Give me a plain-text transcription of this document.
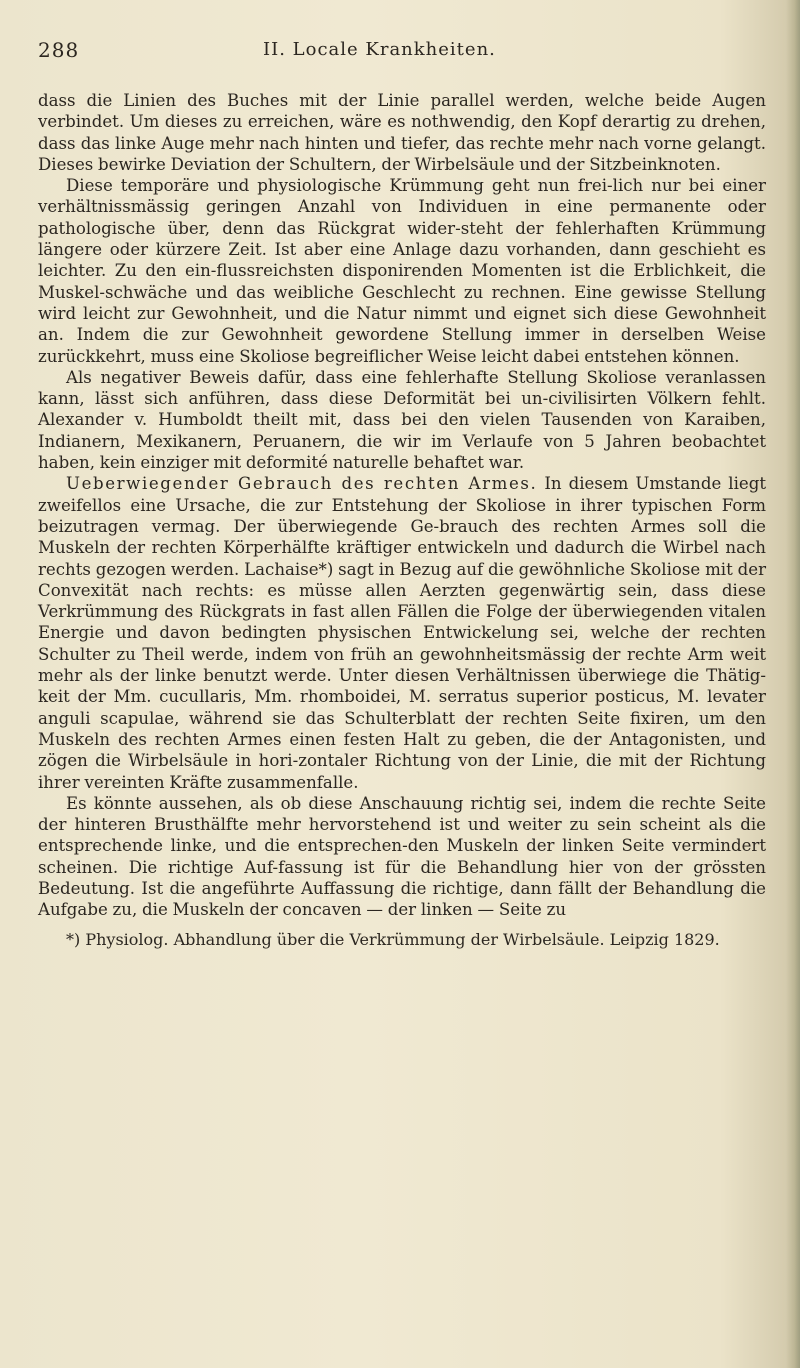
288	II. Locale Krankheiten.

dass die Linien des Buches mit der Linie parallel werden, welche beide Augen verbindet. Um dieses zu erreichen, wäre es nothwendig, den Kopf derartig zu drehen, dass das linke Auge mehr nach hinten und tiefer, das rechte mehr nach vorne gelangt. Dieses bewirke Deviation der Schultern, der Wirbelsäule und der Sitzbeinknoten.

Diese temporäre und physiologische Krümmung geht nun frei-lich nur bei einer verhältnissmässig geringen Anzahl von Individuen in eine permanente oder pathologische über, denn das Rückgrat wider-steht der fehlerhaften Krümmung längere oder kürzere Zeit. Ist aber eine Anlage dazu vorhanden, dann geschieht es leichter. Zu den ein-flussreichsten disponirenden Momenten ist die Erblichkeit, die Muskel-schwäche und das weibliche Geschlecht zu rechnen. Eine gewisse Stellung wird leicht zur Gewohnheit, und die Natur nimmt und eignet sich diese Gewohnheit an. Indem die zur Gewohnheit gewordene Stellung immer in derselben Weise zurückkehrt, muss eine Skoliose begreiflicher Weise leicht dabei entstehen können.

Als negativer Beweis dafür, dass eine fehlerhafte Stellung Skoliose veranlassen kann, lässt sich anführen, dass diese Deformität bei un-civilisirten Völkern fehlt. Alexander v. Humboldt theilt mit, dass bei den vielen Tausenden von Karaiben, Indianern, Mexikanern, Peruanern, die wir im Verlaufe von 5 Jahren beobachtet haben, kein einziger mit deformité naturelle behaftet war.

Ueberwiegender Gebrauch des rechten Armes. In diesem Umstande liegt zweifellos eine Ursache, die zur Entstehung der Skoliose in ihrer typischen Form beizutragen vermag. Der überwiegende Ge-brauch des rechten Armes soll die Muskeln der rechten Körperhälfte kräftiger entwickeln und dadurch die Wirbel nach rechts gezogen werden. Lachaise*) sagt in Bezug auf die gewöhnliche Skoliose mit der Convexität nach rechts: es müsse allen Aerzten gegenwärtig sein, dass diese Verkrümmung des Rückgrats in fast allen Fällen die Folge der überwiegenden vitalen Energie und davon bedingten physischen Entwickelung sei, welche der rechten Schulter zu Theil werde, indem von früh an gewohnheitsmässig der rechte Arm weit mehr als der linke benutzt werde. Unter diesen Verhältnissen überwiege die Thätig-keit der Mm. cucullaris, Mm. rhomboidei, M. serratus superior posticus, M. levater anguli scapulae, während sie das Schulterblatt der rechten Seite fixiren, um den Muskeln des rechten Armes einen festen Halt zu geben, die der Antagonisten, und zögen die Wirbelsäule in hori-zontaler Richtung von der Linie, die mit der Richtung ihrer vereinten Kräfte zusammenfalle.

Es könnte aussehen, als ob diese Anschauung richtig sei, indem die rechte Seite der hinteren Brusthälfte mehr hervorstehend ist und weiter zu sein scheint als die entsprechende linke, und die entsprechen-den Muskeln der linken Seite vermindert scheinen. Die richtige Auf-fassung ist für die Behandlung hier von der grössten Bedeutung. Ist die angeführte Auffassung die richtige, dann fällt der Behandlung die Aufgabe zu, die Muskeln der concaven — der linken — Seite zu

*) Physiolog. Abhandlung über die Verkrümmung der Wirbelsäule. Leipzig 1829.
